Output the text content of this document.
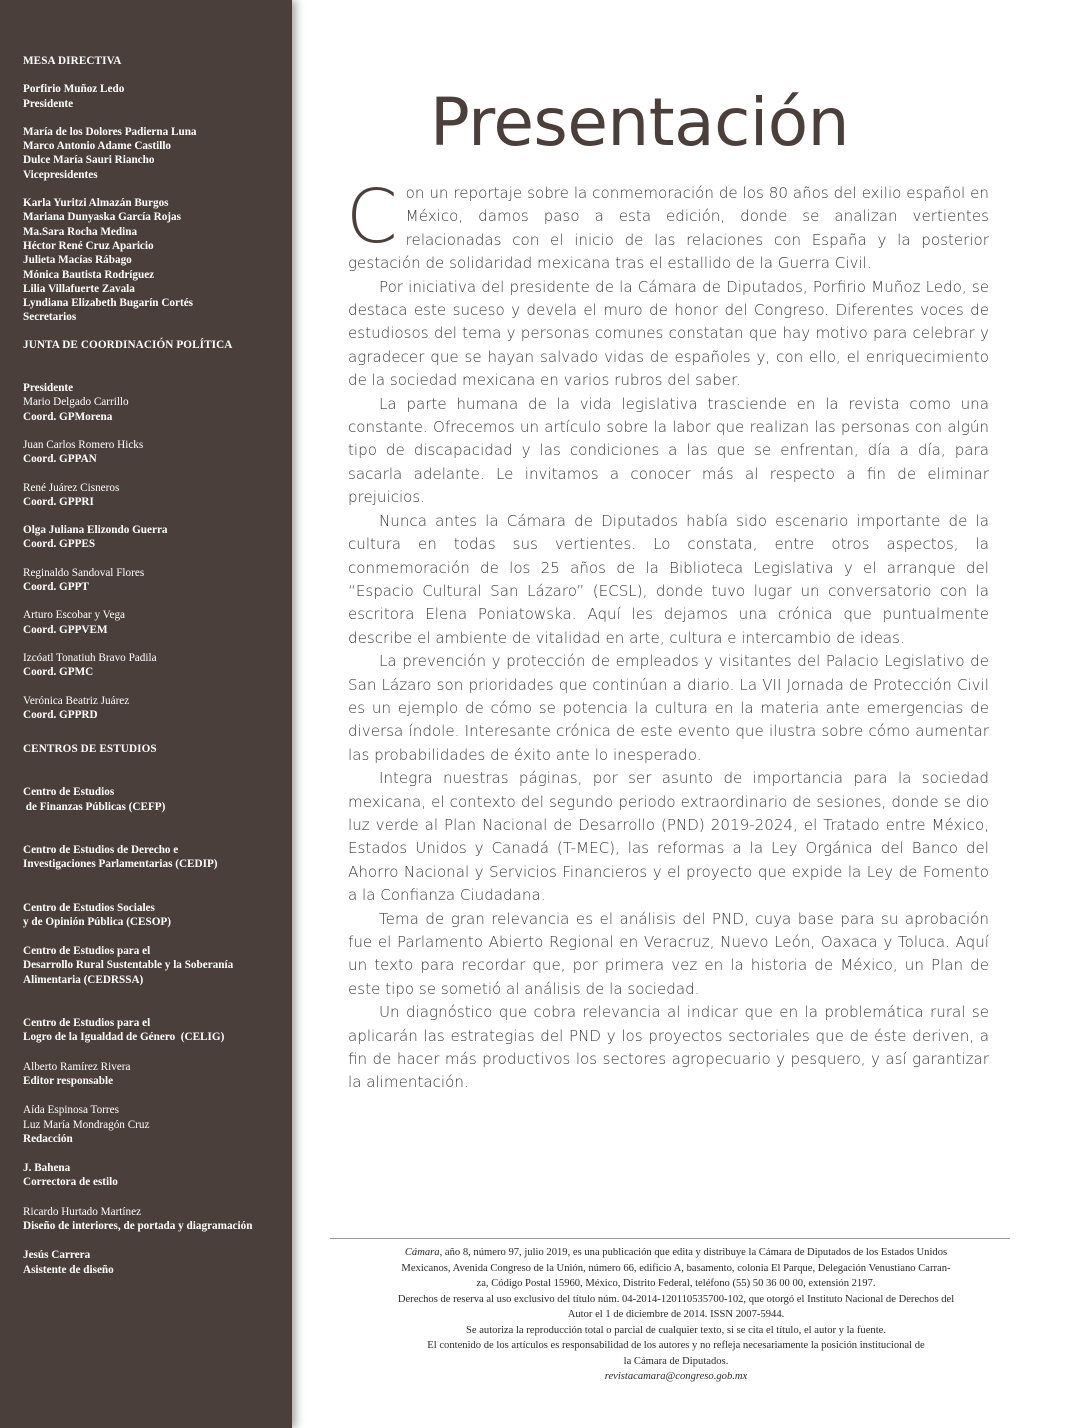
MESA DIRECTIVA
Porfirio Muñoz Ledo
Presidente
María de los Dolores Padierna Luna
Marco Antonio Adame Castillo
Dulce María Sauri Riancho
Vicepresidentes
Karla Yuritzi Almazán Burgos
Mariana Dunyaska García Rojas
Ma.Sara Rocha Medina
Héctor René Cruz Aparicio
Julieta Macías Rábago
Mónica Bautista Rodríguez
Lilia Villafuerte Zavala
Lyndiana Elizabeth Bugarín Cortés
Secretarios
JUNTA DE COORDINACIÓN POLÍTICA
Presidente
Mario Delgado Carrillo
Coord. GPMorena
Juan Carlos Romero Hicks
Coord. GPPAN
René Juárez Cisneros
Coord. GPPRI
Olga Juliana Elizondo Guerra
Coord. GPPES
Reginaldo Sandoval Flores
Coord. GPPT
Arturo Escobar y Vega
Coord. GPPVEM
Izcóatl Tonatiuh Bravo Padila
Coord. GPMC
Verónica Beatriz Juárez
Coord. GPPRD
CENTROS DE ESTUDIOS
Centro de Estudios
de Finanzas Públicas (CEFP)
Centro de Estudios de Derecho e
Investigaciones Parlamentarias (CEDIP)
Centro de Estudios Sociales
y de Opinión Pública (CESOP)
Centro de Estudios para el
Desarrollo Rural Sustentable y la Soberanía
Alimentaria (CEDRSSA)
Centro de Estudios para el
Logro de la Igualdad de Género  (CELIG)
Alberto Ramírez Rivera
Editor responsable
Aída Espinosa Torres
Luz María Mondragón Cruz
Redacción
J. Bahena
Correctora de estilo
Ricardo Hurtado Martínez
Diseño de interiores, de portada y diagramación
Jesús Carrera
Asistente de diseño
Presentación

Con un reportaje sobre la conmemoración de los 80 años del exilio español en México, damos paso a esta edición, donde se analizan vertientes relacionadas con el inicio de las relaciones con España y la posterior gestación de solidaridad mexicana tras el estallido de la Guerra Civil.

Por iniciativa del presidente de la Cámara de Diputados, Porfirio Muñoz Ledo, se destaca este suceso y devela el muro de honor del Congreso. Diferentes voces de estudiosos del tema y personas comunes constatan que hay motivo para celebrar y agradecer que se hayan salvado vidas de españoles y, con ello, el enriquecimiento de la sociedad mexicana en varios rubros del saber.

La parte humana de la vida legislativa trasciende en la revista como una constante. Ofrecemos un artículo sobre la labor que realizan las personas con algún tipo de discapacidad y las condiciones a las que se enfrentan, día a día, para sacarla adelante. Le invitamos a conocer más al respecto a fin de eliminar prejuicios.

Nunca antes la Cámara de Diputados había sido escenario importante de la cultura en todas sus vertientes. Lo constata, entre otros aspectos, la conmemoración de los 25 años de la Biblioteca Legislativa y el arranque del “Espacio Cultural San Lázaro” (ECSL), donde tuvo lugar un conversatorio con la escritora Elena Poniatowska. Aquí les dejamos una crónica que puntualmente describe el ambiente de vitalidad en arte, cultura e intercambio de ideas.

La prevención y protección de empleados y visitantes del Palacio Legislativo de San Lázaro son prioridades que continúan a diario. La VII Jornada de Protección Civil es un ejemplo de cómo se potencia la cultura en la materia ante emergencias de diversa índole. Interesante crónica de este evento que ilustra sobre cómo aumentar las probabilidades de éxito ante lo inesperado.

Integra nuestras páginas, por ser asunto de importancia para la sociedad mexicana, el contexto del segundo periodo extraordinario de sesiones, donde se dio luz verde al Plan Nacional de Desarrollo (PND) 2019-2024, el Tratado entre México, Estados Unidos y Canadá (T-MEC), las reformas a la Ley Orgánica del Banco del Ahorro Nacional y Servicios Financieros y el proyecto que expide la Ley de Fomento a la Confianza Ciudadana.

Tema de gran relevancia es el análisis del PND, cuya base para su aprobación fue el Parlamento Abierto Regional en Veracruz, Nuevo León, Oaxaca y Toluca. Aquí un texto para recordar que, por primera vez en la historia de México, un Plan de este tipo se sometió al análisis de la sociedad.

Un diagnóstico que cobra relevancia al indicar que en la problemática rural se aplicarán las estrategias del PND y los proyectos sectoriales que de éste deriven, a fin de hacer más productivos los sectores agropecuario y pesquero, y así garantizar la alimentación.

Cámara, año 8, número 97, julio 2019, es una publicación que edita y distribuye la Cámara de Diputados de los Estados Unidos
Mexicanos, Avenida Congreso de la Unión, número 66, edificio A, basamento, colonia El Parque, Delegación Venustiano Carran-
za, Código Postal 15960, México, Distrito Federal, teléfono (55) 50 36 00 00, extensión 2197.
Derechos de reserva al uso exclusivo del título núm. 04-2014-120110535700-102, que otorgó el Instituto Nacional de Derechos del
Autor el 1 de diciembre de 2014. ISSN 2007-5944.
Se autoriza la reproducción total o parcial de cualquier texto, si se cita el título, el autor y la fuente.
El contenido de los artículos es responsabilidad de los autores y no refleja necesariamente la posición institucional de
la Cámara de Diputados.
revistacamara@congreso.gob.mx
